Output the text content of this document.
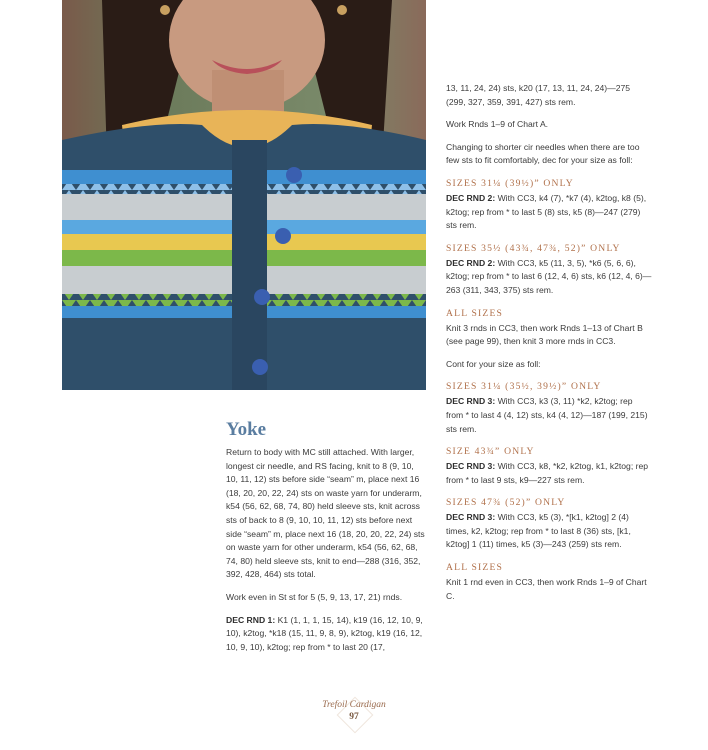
Yoke

Return to body with MC still attached. With larger, longest cir needle, and RS facing, knit to 8 (9, 10, 10, 11, 12) sts before side “seam” m, place next 16 (18, 20, 20, 22, 24) sts on waste yarn for underarm, k54 (56, 62, 68, 74, 80) held sleeve sts, knit across sts of back to 8 (9, 10, 10, 11, 12) sts before next side “seam” m, place next 16 (18, 20, 20, 22, 24) sts on waste yarn for other underarm, k54 (56, 62, 68, 74, 80) held sleeve sts, knit to end—288 (316, 352, 392, 428, 464) sts total.

Work even in St st for 5 (5, 9, 13, 17, 21) rnds.

DEC RND 1: K1 (1, 1, 1, 15, 14), k19 (16, 12, 10, 9, 10), k2tog, *k18 (15, 11, 9, 8, 9), k2tog, k19 (16, 12, 10, 9, 10), k2tog; rep from * to last 20 (17,

13, 11, 24, 24) sts, k20 (17, 13, 11, 24, 24)—275 (299, 327, 359, 391, 427) sts rem.

Work Rnds 1–9 of Chart A.

Changing to shorter cir needles when there are too few sts to fit comfortably, dec for your size as foll:

SIZES 31¼ (39½)” ONLY

DEC RND 2: With CC3, k4 (7), *k7 (4), k2tog, k8 (5), k2tog; rep from * to last 5 (8) sts, k5 (8)—247 (279) sts rem.

SIZES 35½ (43¾, 47¾, 52)” ONLY

DEC RND 2: With CC3, k5 (11, 3, 5), *k6 (5, 6, 6), k2tog; rep from * to last 6 (12, 4, 6) sts, k6 (12, 4, 6)—263 (311, 343, 375) sts rem.

ALL SIZES

Knit 3 rnds in CC3, then work Rnds 1–13 of Chart B (see page 99), then knit 3 more rnds in CC3.

Cont for your size as foll:

SIZES 31¼ (35½, 39½)” ONLY

DEC RND 3: With CC3, k3 (3, 11) *k2, k2tog; rep from * to last 4 (4, 12) sts, k4 (4, 12)—187 (199, 215) sts rem.

SIZE 43¾” ONLY

DEC RND 3: With CC3, k8, *k2, k2tog, k1, k2tog; rep from * to last 9 sts, k9—227 sts rem.

SIZES 47¾ (52)” ONLY

DEC RND 3: With CC3, k5 (3), *[k1, k2tog] 2 (4) times, k2, k2tog; rep from * to last 8 (36) sts, [k1, k2tog] 1 (11) times, k5 (3)—243 (259) sts rem.

ALL SIZES

Knit 1 rnd even in CC3, then work Rnds 1–9 of Chart C.

Trefoil Cardigan
97
